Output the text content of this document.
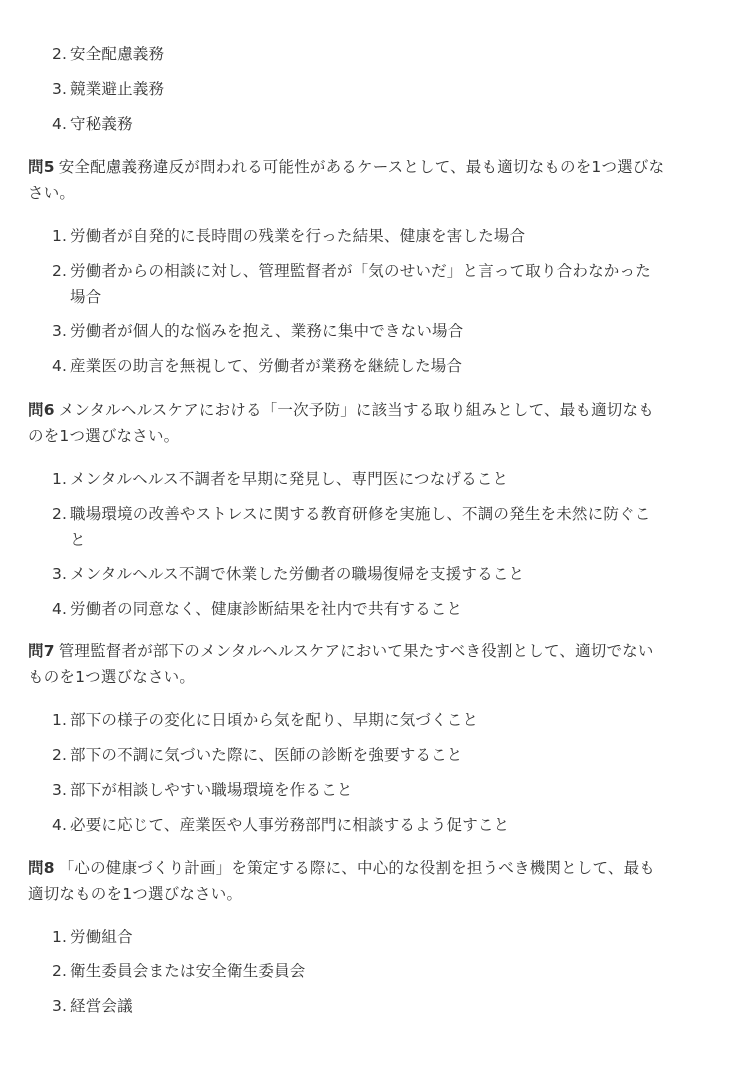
2. 安全配慮義務
3. 競業避止義務
4. 守秘義務
問5 安全配慮義務違反が問われる可能性があるケースとして、最も適切なものを1つ選びな
さい。
1. 労働者が自発的に長時間の残業を行った結果、健康を害した場合
2. 労働者からの相談に対し、管理監督者が「気のせいだ」と言って取り合わなかった
場合
3. 労働者が個人的な悩みを抱え、業務に集中できない場合
4. 産業医の助言を無視して、労働者が業務を継続した場合
問6 メンタルヘルスケアにおける「一次予防」に該当する取り組みとして、最も適切なも
のを1つ選びなさい。
1. メンタルヘルス不調者を早期に発見し、専門医につなげること
2. 職場環境の改善やストレスに関する教育研修を実施し、不調の発生を未然に防ぐこ
と
3. メンタルヘルス不調で休業した労働者の職場復帰を支援すること
4. 労働者の同意なく、健康診断結果を社内で共有すること
問7 管理監督者が部下のメンタルヘルスケアにおいて果たすべき役割として、適切でない
ものを1つ選びなさい。
1. 部下の様子の変化に日頃から気を配り、早期に気づくこと
2. 部下の不調に気づいた際に、医師の診断を強要すること
3. 部下が相談しやすい職場環境を作ること
4. 必要に応じて、産業医や人事労務部門に相談するよう促すこと
問8 「心の健康づくり計画」を策定する際に、中心的な役割を担うべき機関として、最も
適切なものを1つ選びなさい。
1. 労働組合
2. 衛生委員会または安全衛生委員会
3. 経営会議
